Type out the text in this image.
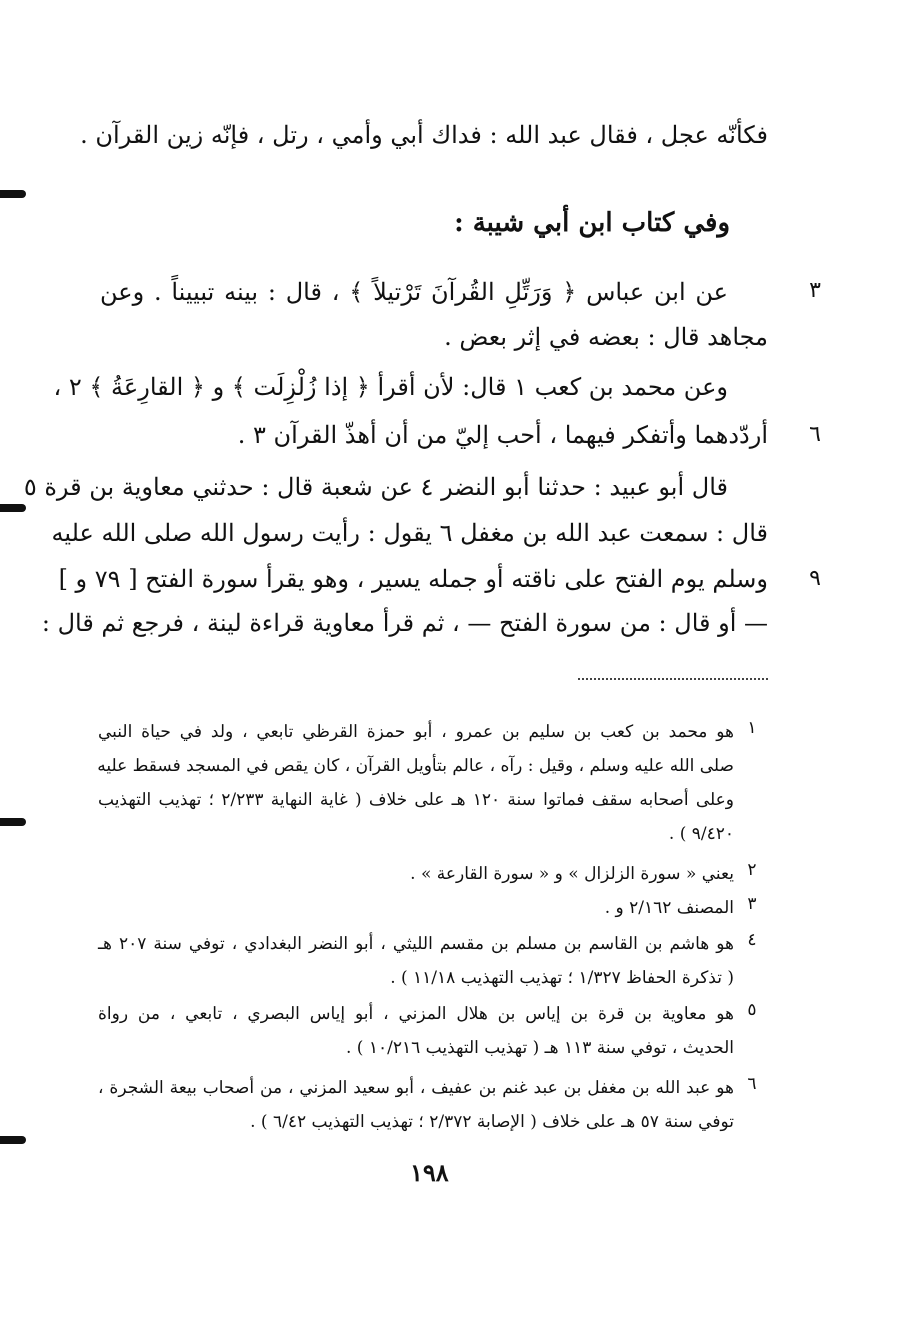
فكأنّه عجل ، فقال عبد الله : فداك أبي وأمي ، رتل ، فإنّه زين القرآن .
وفي كتاب ابن أبي شيبة :
٣
عن ابن عباس ﴿ وَرَتِّلِ القُرآنَ تَرْتيلاً ﴾ ، قال : بينه تبييناً . وعن
مجاهد قال : بعضه في إثر بعض .
وعن محمد بن كعب ١ قال: لأن أقرأ ﴿ إذا زُلْزِلَت ﴾ و ﴿ القارِعَةُ ﴾ ٢ ،
٦
أردّدهما وأتفكر فيهما ، أحب إليّ من أن أهذّ القرآن ٣ .
قال أبو عبيد : حدثنا أبو النضر ٤ عن شعبة قال : حدثني معاوية بن قرة ٥
قال : سمعت عبد الله بن مغفل ٦ يقول : رأيت رسول الله صلى الله عليه
٩
وسلم يوم الفتح على ناقته أو جمله يسير ، وهو يقرأ سورة الفتح [ ٧٩ و ]
— أو قال : من سورة الفتح — ، ثم قرأ معاوية قراءة لينة ، فرجع ثم قال :
١
هو محمد بن كعب بن سليم بن عمرو ، أبو حمزة القرظي تابعي ، ولد في حياة النبي
صلى الله عليه وسلم ، وقيل : رآه ، عالم بتأويل القرآن ، كان يقص في المسجد فسقط عليه
وعلى أصحابه سقف فماتوا سنة ١٢٠ هـ على خلاف ( غاية النهاية ٢/٢٣٣ ؛ تهذيب التهذيب
٩/٤٢٠ ) .
٢
يعني « سورة الزلزال » و « سورة القارعة » .
٣
المصنف ٢/١٦٢ و .
٤
هو هاشم بن القاسم بن مسلم بن مقسم الليثي ، أبو النضر البغدادي ، توفي سنة ٢٠٧ هـ
( تذكرة الحفاظ ١/٣٢٧ ؛ تهذيب التهذيب ١١/١٨ ) .
٥
هو معاوية بن قرة بن إياس بن هلال المزني ، أبو إياس البصري ، تابعي ، من رواة
الحديث ، توفي سنة ١١٣ هـ ( تهذيب التهذيب ١٠/٢١٦ ) .
٦
هو عبد الله بن مغفل بن عبد غنم بن عفيف ، أبو سعيد المزني ، من أصحاب بيعة الشجرة ،
توفي سنة ٥٧ هـ على خلاف ( الإصابة ٢/٣٧٢ ؛ تهذيب التهذيب ٦/٤٢ ) .
١٩٨
